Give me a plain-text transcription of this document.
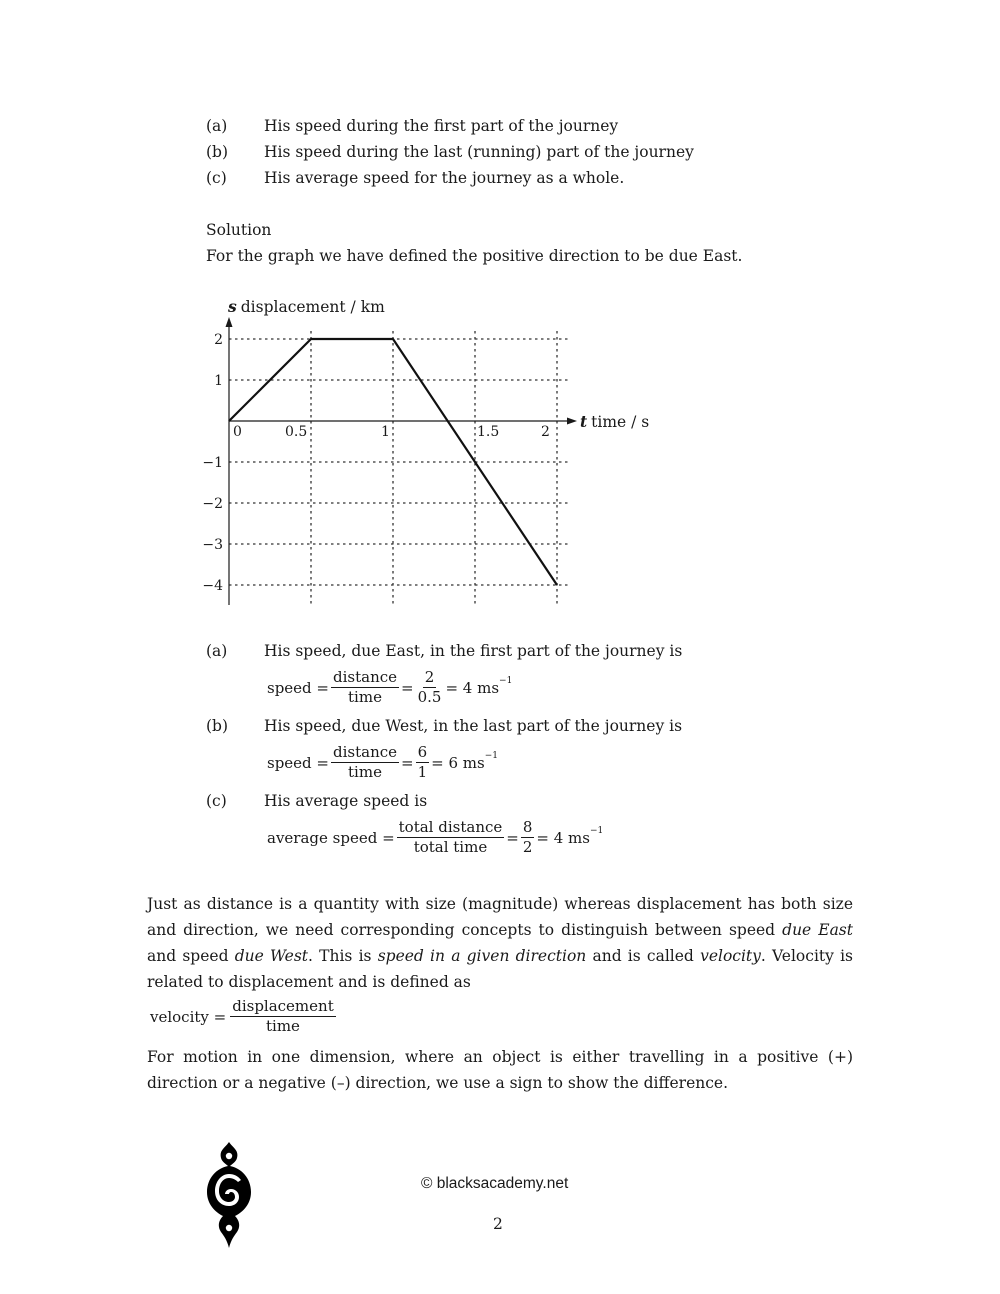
(a)	His speed during the first part of the journey
(b)	His speed during the last (running) part of the journey
(c)	His average speed for the journey as a whole.
Solution
For the graph we have defined the positive direction to be due East.
2
1
−1
−2
−3
−4
0	0.5	1	1.5	2
s displacement / km
t time / s
(a)	His speed, due East, in the first part of the journey is
speed = $\frac{\text{distance}}{\text{time}} = \frac{2}{0.5} = 4$ ms −1
(b)	His speed, due West, in the last part of the journey is
speed = $\frac{\text{distance}}{\text{time}} = \frac{6}{1} = 6$ ms −1
(c)	His average speed is
average speed = $\frac{\text{total distance}}{\text{total time}} = \frac{8}{2} = 4$ ms −1
Just as distance is a quantity with size (magnitude) whereas displacement has both size and direction, we need corresponding concepts to distinguish between speed due East and speed due West. This is speed in a given direction and is called velocity. Velocity is related to displacement and is defined as
velocity = $\frac{\text{displacement}}{\text{time}}$
For motion in one dimension, where an object is either travelling in a positive (+) direction or a negative (–) direction, we use a sign to show the difference.
© blacksacademy.net
2
